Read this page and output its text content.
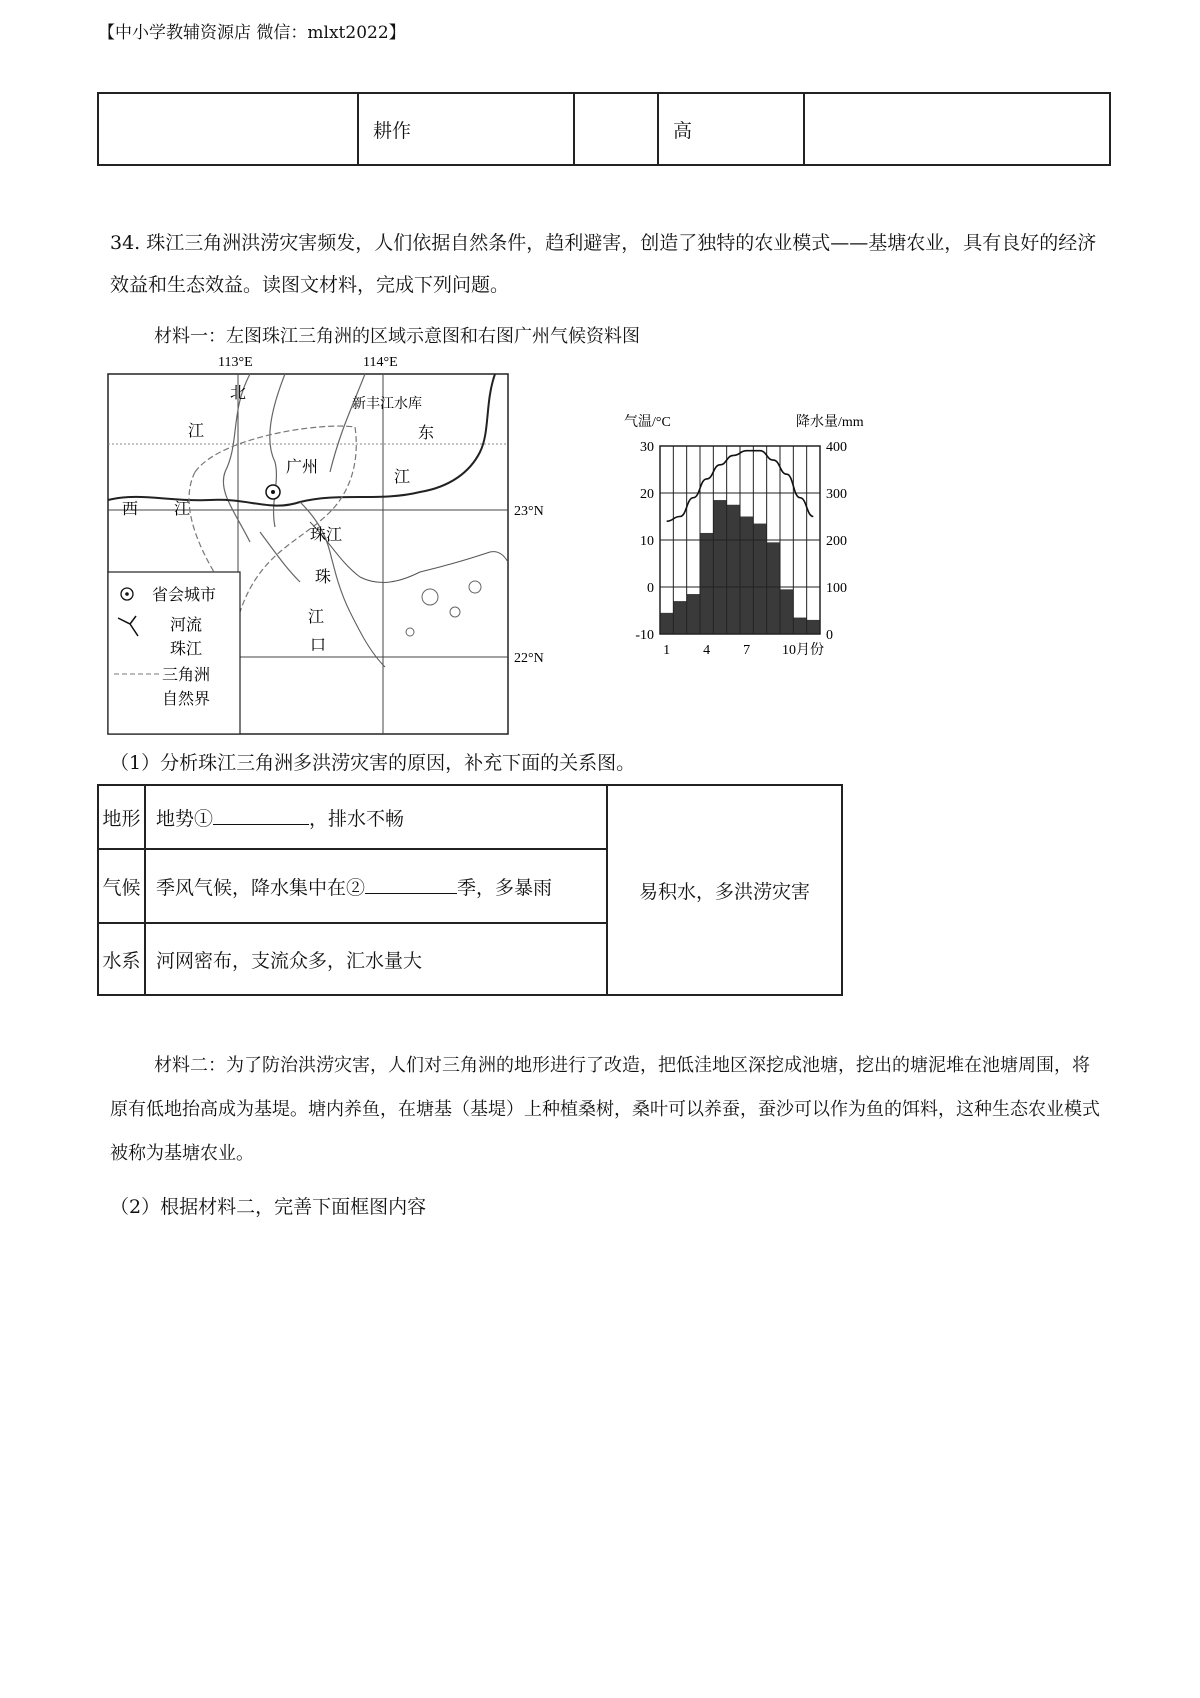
【中小学教辅资源店 微信：mlxt2022】
	耕作		高	
34. 珠江三角洲洪涝灾害频发，人们依据自然条件，趋利避害，创造了独特的农业模式——基塘农业，具有良好的经济效益和生态效益。读图文材料，完成下列问题。
材料一：左图珠江三角洲的区域示意图和右图广州气候资料图
113°E	114°E
北
江
新丰江水库
东
江
广州
西 江
珠江
珠
江
口
23°N
22°N
省会城市
河流
珠江
三角洲
自然界
气温/°C	降水量/mm
30	400
20	300
10	200
0	100
-10	0
1 4 7 10月份
（1）分析珠江三角洲多洪涝灾害的原因，补充下面的关系图。
地形	地势① ，排水不畅	易积水，多洪涝灾害
气候	季风气候，降水集中在② 季，多暴雨	
水系	河网密布，支流众多，汇水量大	
材料二：为了防治洪涝灾害，人们对三角洲的地形进行了改造，把低洼地区深挖成池塘，挖出的塘泥堆在池塘周围，将原有低地抬高成为基堤。塘内养鱼，在塘基（基堤）上种植桑树，桑叶可以养蚕，蚕沙可以作为鱼的饵料，这种生态农业模式被称为基塘农业。
（2）根据材料二，完善下面框图内容
